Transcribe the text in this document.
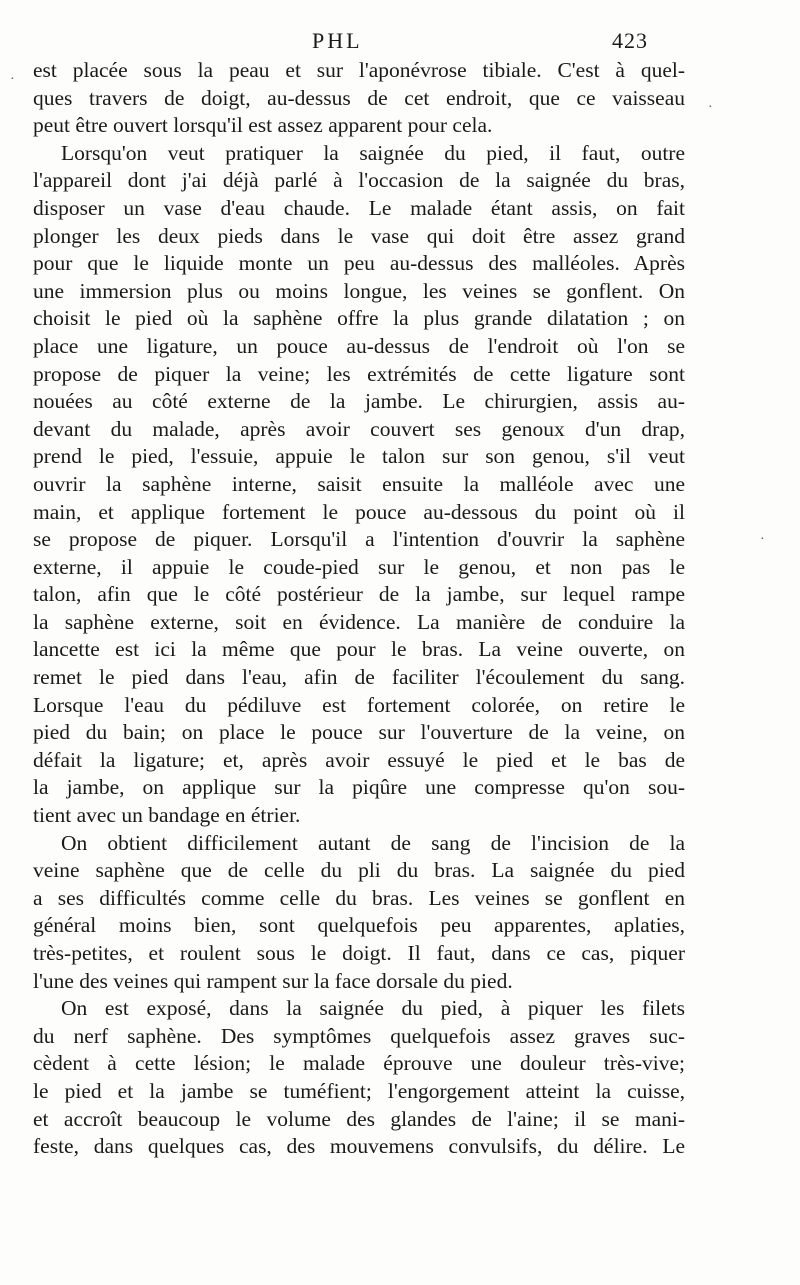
PHL	423
est placée sous la peau et sur l'aponévrose tibiale. C'est à quel-
ques travers de doigt, au-dessus de cet endroit, que ce vaisseau
peut être ouvert lorsqu'il est assez apparent pour cela.
Lorsqu'on veut pratiquer la saignée du pied, il faut, outre
l'appareil dont j'ai déjà parlé à l'occasion de la saignée du bras,
disposer un vase d'eau chaude. Le malade étant assis, on fait
plonger les deux pieds dans le vase qui doit être assez grand
pour que le liquide monte un peu au-dessus des malléoles. Après
une immersion plus ou moins longue, les veines se gonflent. On
choisit le pied où la saphène offre la plus grande dilatation ; on
place une ligature, un pouce au-dessus de l'endroit où l'on se
propose de piquer la veine; les extrémités de cette ligature sont
nouées au côté externe de la jambe. Le chirurgien, assis au-
devant du malade, après avoir couvert ses genoux d'un drap,
prend le pied, l'essuie, appuie le talon sur son genou, s'il veut
ouvrir la saphène interne, saisit ensuite la malléole avec une
main, et applique fortement le pouce au-dessous du point où il
se propose de piquer. Lorsqu'il a l'intention d'ouvrir la saphène
externe, il appuie le coude-pied sur le genou, et non pas le
talon, afin que le côté postérieur de la jambe, sur lequel rampe
la saphène externe, soit en évidence. La manière de conduire la
lancette est ici la même que pour le bras. La veine ouverte, on
remet le pied dans l'eau, afin de faciliter l'écoulement du sang.
Lorsque l'eau du pédiluve est fortement colorée, on retire le
pied du bain; on place le pouce sur l'ouverture de la veine, on
défait la ligature; et, après avoir essuyé le pied et le bas de
la jambe, on applique sur la piqûre une compresse qu'on sou-
tient avec un bandage en étrier.
On obtient difficilement autant de sang de l'incision de la
veine saphène que de celle du pli du bras. La saignée du pied
a ses difficultés comme celle du bras. Les veines se gonflent en
général moins bien, sont quelquefois peu apparentes, aplaties,
très-petites, et roulent sous le doigt. Il faut, dans ce cas, piquer
l'une des veines qui rampent sur la face dorsale du pied.
On est exposé, dans la saignée du pied, à piquer les filets
du nerf saphène. Des symptômes quelquefois assez graves suc-
cèdent à cette lésion; le malade éprouve une douleur très-vive;
le pied et la jambe se tuméfient; l'engorgement atteint la cuisse,
et accroît beaucoup le volume des glandes de l'aine; il se mani-
feste, dans quelques cas, des mouvemens convulsifs, du délire. Le
·
·
·
